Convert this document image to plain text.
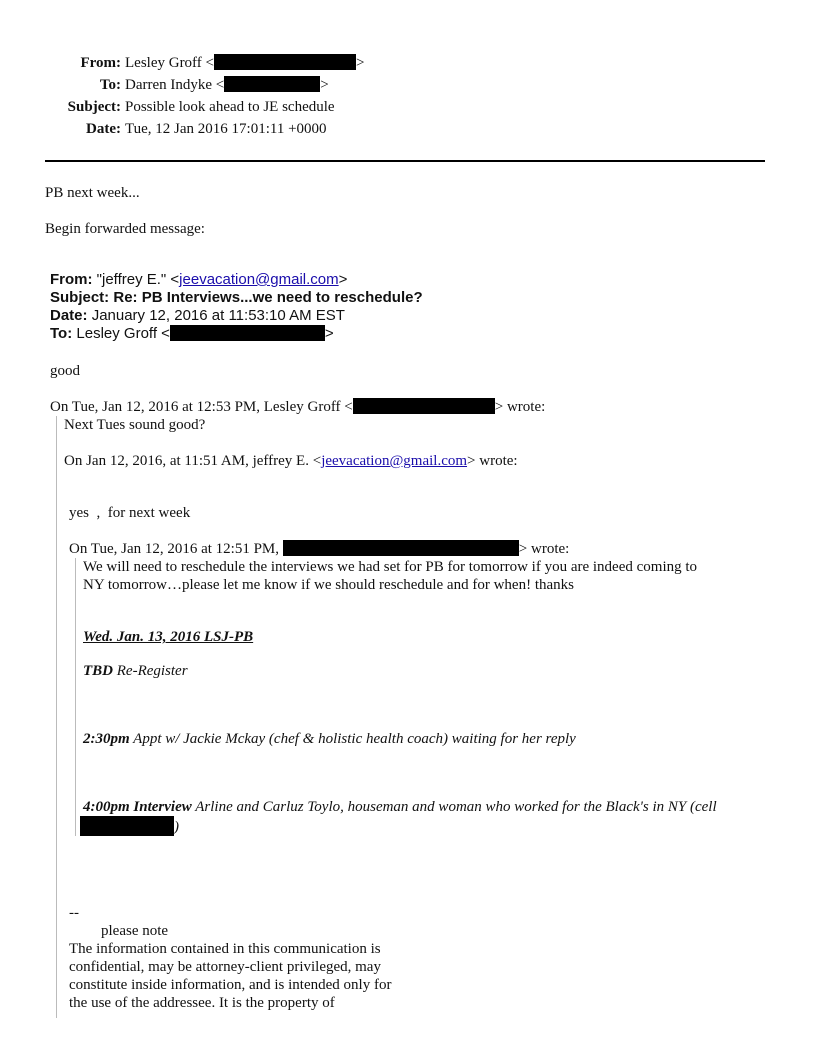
From: Lesley Groff <	>
To: Darren Indyke <	>
Subject: Possible look ahead to JE schedule
Date: Tue, 12 Jan 2016 17:01:11 +0000
PB next week...
Begin forwarded message:
From: "jeffrey E." <jeevacation@gmail.com>
Subject: Re: PB Interviews...we need to reschedule?
Date: January 12, 2016 at 11:53:10 AM EST
To: Lesley Groff <	>
good
On Tue, Jan 12, 2016 at 12:53 PM, Lesley Groff <	> wrote:
Next Tues sound good?
On Jan 12, 2016, at 11:51 AM, jeffrey E. <jeevacation@gmail.com> wrote:
yes  ,  for next week
On Tue, Jan 12, 2016 at 12:51 PM,	> wrote:
We will need to reschedule the interviews we had set for PB for tomorrow if you are indeed coming to
NY tomorrow…please let me know if we should reschedule and for when! thanks
Wed. Jan. 13, 2016 LSJ-PB
TBD Re-Register
2:30pm Appt w/ Jackie Mckay (chef & holistic health coach) waiting for her reply
4:00pm Interview Arline and Carluz Toylo, houseman and woman who worked for the Black's in NY (cell
)
--
please note
The information contained in this communication is
confidential, may be attorney-client privileged, may
constitute inside information, and is intended only for
the use of the addressee. It is the property of
